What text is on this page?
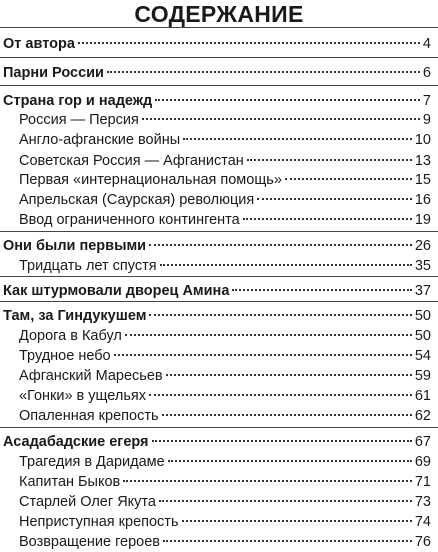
СОДЕРЖАНИЕ
От автора	4
Парни России	6
Страна гор и надежд	7
Россия — Персия	9
Англо-афганские войны	10
Советская Россия — Афганистан	13
Первая «интернациональная помощь»	15
Апрельская (Саурская) революция	16
Ввод ограниченного контингента	19
Они были первыми	26
Тридцать лет спустя	35
Как штурмовали дворец Амина	37
Там, за Гиндукушем	50
Дорога в Кабул	50
Трудное небо	54
Афганский Маресьев	59
«Гонки» в ущельях	61
Опаленная крепость	62
Асадабадские егеря	67
Трагедия в Даридаме	69
Капитан Быков	71
Старлей Олег Якута	73
Неприступная крепость	74
Возвращение героев	76
